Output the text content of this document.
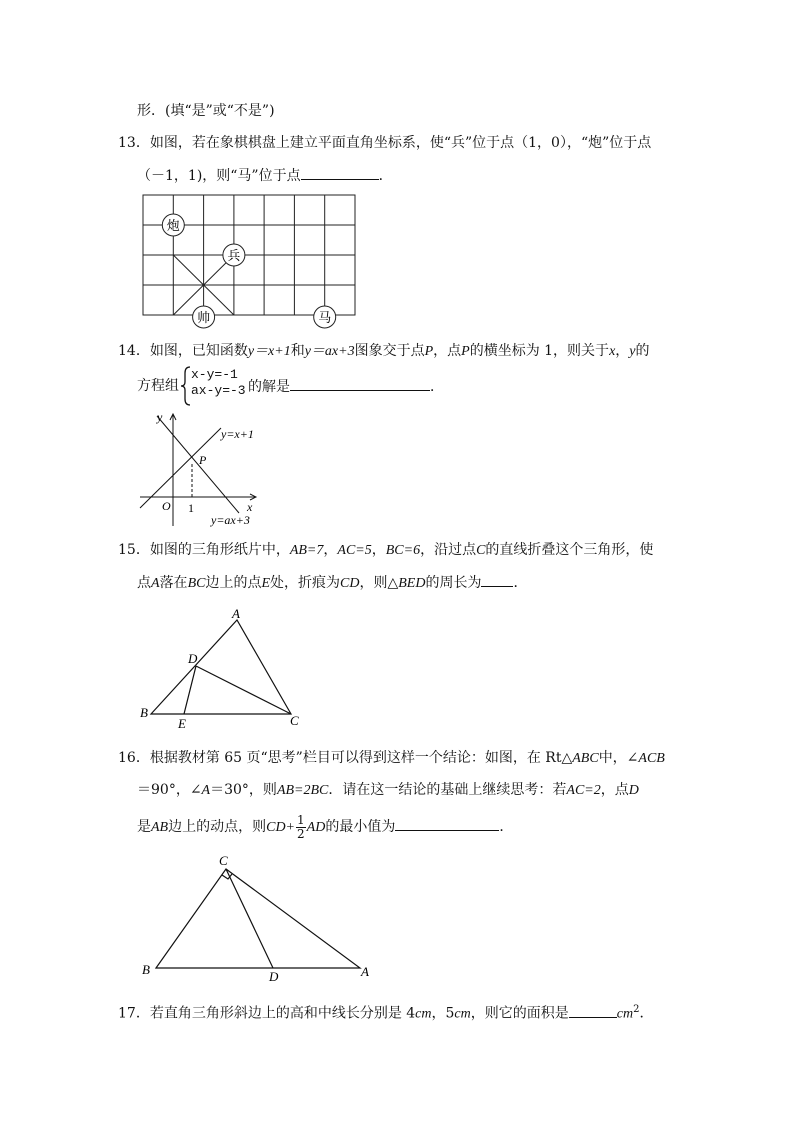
形．(填“是”或“不是”)
13．如图，若在象棋棋盘上建立平面直角坐标系，使“兵”位于点（1，0），“炮”位于点
（－1，1)，则“马”位于点	．
炮
兵
帅	马
14．如图，已知函数y＝x+1和y＝ax+3图象交于点P，点P的横坐标为 1，则关于x，y的
方程组
x-y=-1
ax-y=-3 的解是	．
y
x
O 1
P
y=x+1
y=ax+3
15．如图的三角形纸片中，AB=7，AC=5，BC=6，沿过点C的直线折叠这个三角形，使
点A落在BC边上的点E处，折痕为CD，则△BED的周长为 ．
A
B
C
D
E
16．根据教材第 65 页“思考”栏目可以得到这样一个结论：如图，在 Rt△ABC中，∠ACB
＝90°，∠A＝30°，则AB=2BC．请在这一结论的基础上继续思考：若AC=2，点D
是AB边上的动点，则$CD+ \frac{1}{2}$ AD的最小值为	．
C
B	A
D
17．若直角三角形斜边上的高和中线长分别是 4cm，5cm，则它的面积是	$cm^2$．
